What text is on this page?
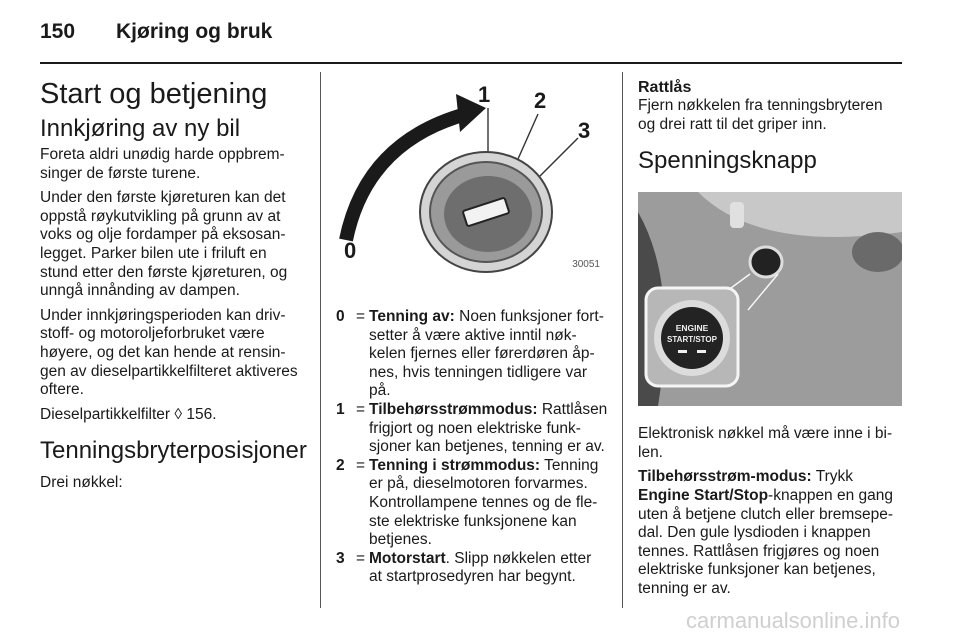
150 Kjøring og bruk
Start og betjening
Innkjøring av ny bil

Foreta aldri unødig harde oppbrem-singer de første turene.

Under den første kjøreturen kan det oppstå røykutvikling på grunn av at voks og olje fordamper på eksosan-legget. Parker bilen ute i friluft en stund etter den første kjøreturen, og unngå innånding av dampen.

Under innkjøringsperioden kan driv-stoff- og motoroljeforbruket være høyere, og det kan hende at rensin-gen av dieselpartikkelfilteret aktiveres oftere.

Dieselpartikkelfilter ◊ 156.

Tenningsbryterposisjoner

Drei nøkkel:

0
1 2
3
30051
0 = Tenning av: Noen funksjoner fort-setter å være aktive inntil nøk-kelen fjernes eller førerdøren åp-nes, hvis tenningen tidligere var på.
1 = Tilbehørsstrømmodus: Rattlåsen frigjort og noen elektriske funk-sjoner kan betjenes, tenning er av.
2 = Tenning i strømmodus: Tenning er på, dieselmotoren forvarmes. Kontrollampene tennes og de fle-ste elektriske funksjonene kan betjenes.
3 = Motorstart. Slipp nøkkelen etter at startprosedyren har begynt.
Rattlås

Fjern nøkkelen fra tenningsbryteren og drei ratt til det griper inn.

Spenningsknapp
ENGINE
START/STOP

Elektronisk nøkkel må være inne i bi-len.

Tilbehørsstrøm-modus: Trykk Engine Start/Stop-knappen en gang uten å betjene clutch eller bremsepe-dal. Den gule lysdioden i knappen tennes. Rattlåsen frigjøres og noen elektriske funksjoner kan betjenes, tenning er av.

carmanualsonline.info
